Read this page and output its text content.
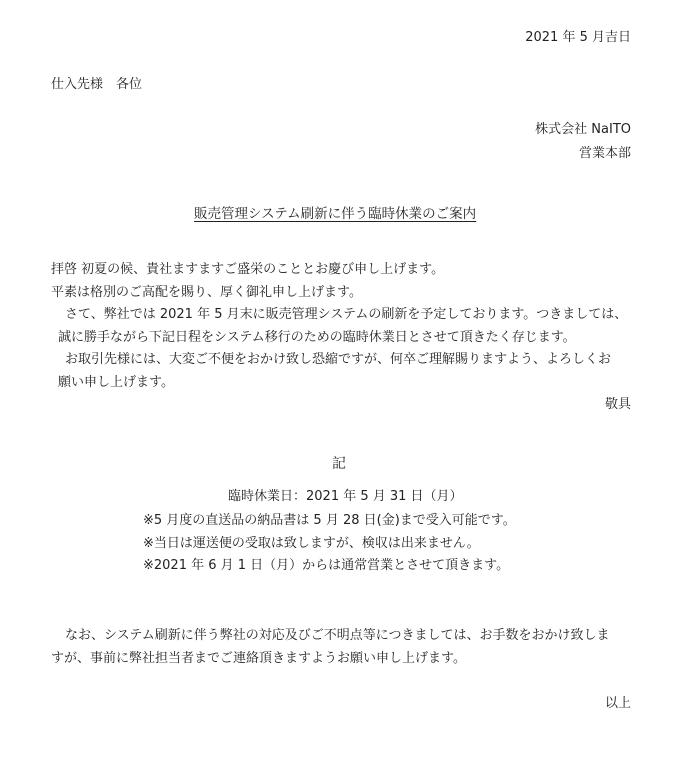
2021 年 5 月吉日
仕入先様　各位
株式会社 NaITO
営業本部
販売管理システム刷新に伴う臨時休業のご案内
拝啓 初夏の候、貴社ますますご盛栄のこととお慶び申し上げます。
平素は格別のご高配を賜り、厚く御礼申し上げます。
さて、弊社では 2021 年 5 月末に販売管理システムの刷新を予定しております。つきましては、
誠に勝手ながら下記日程をシステム移行のための臨時休業日とさせて頂きたく存じます。
お取引先様には、大変ご不便をおかけ致し恐縮ですが、何卒ご理解賜りますよう、よろしくお
願い申し上げます。
敬具
記
臨時休業日：2021 年 5 月 31 日（月）
※5 月度の直送品の納品書は 5 月 28 日(金)まで受入可能です。
※当日は運送便の受取は致しますが、検収は出来ません。
※2021 年 6 月 1 日（月）からは通常営業とさせて頂きます。
なお、システム刷新に伴う弊社の対応及びご不明点等につきましては、お手数をおかけ致しま
すが、事前に弊社担当者までご連絡頂きますようお願い申し上げます。
以上
